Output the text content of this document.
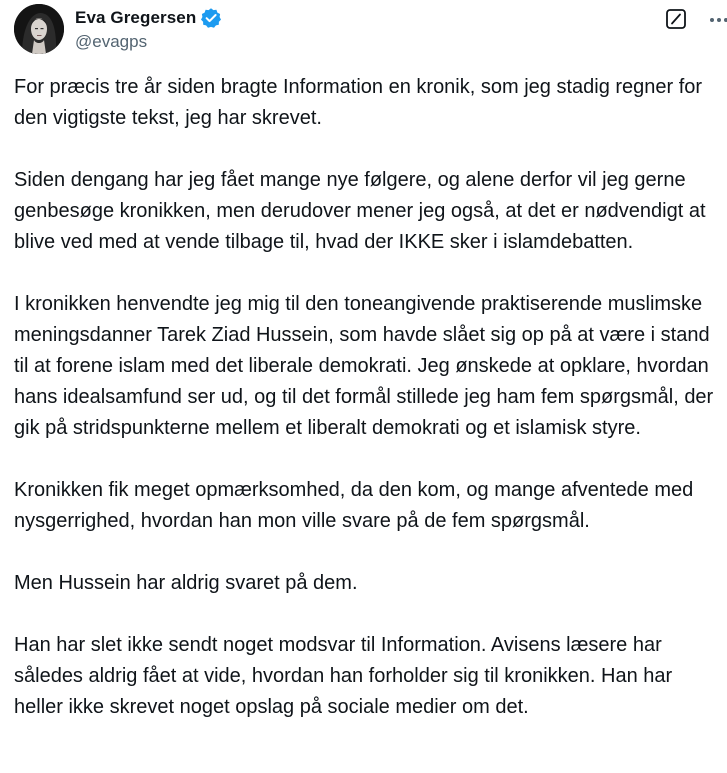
Eva Gregersen
@evagps

For præcis tre år siden bragte Information en kronik, som jeg stadig regner for den vigtigste tekst, jeg har skrevet.

Siden dengang har jeg fået mange nye følgere, og alene derfor vil jeg gerne genbesøge kronikken, men derudover mener jeg også, at det er nødvendigt at blive ved med at vende tilbage til, hvad der IKKE sker i islamdebatten.

I kronikken henvendte jeg mig til den toneangivende praktiserende muslimske meningsdanner Tarek Ziad Hussein, som havde slået sig op på at være i stand til at forene islam med det liberale demokrati. Jeg ønskede at opklare, hvordan hans idealsamfund ser ud, og til det formål stillede jeg ham fem spørgsmål, der gik på stridspunkterne mellem et liberalt demokrati og et islamisk styre.

Kronikken fik meget opmærksomhed, da den kom, og mange afventede med nysgerrighed, hvordan han mon ville svare på de fem spørgsmål.

Men Hussein har aldrig svaret på dem.

Han har slet ikke sendt noget modsvar til Information. Avisens læsere har således aldrig fået at vide, hvordan han forholder sig til kronikken. Han har heller ikke skrevet noget opslag på sociale medier om det.
